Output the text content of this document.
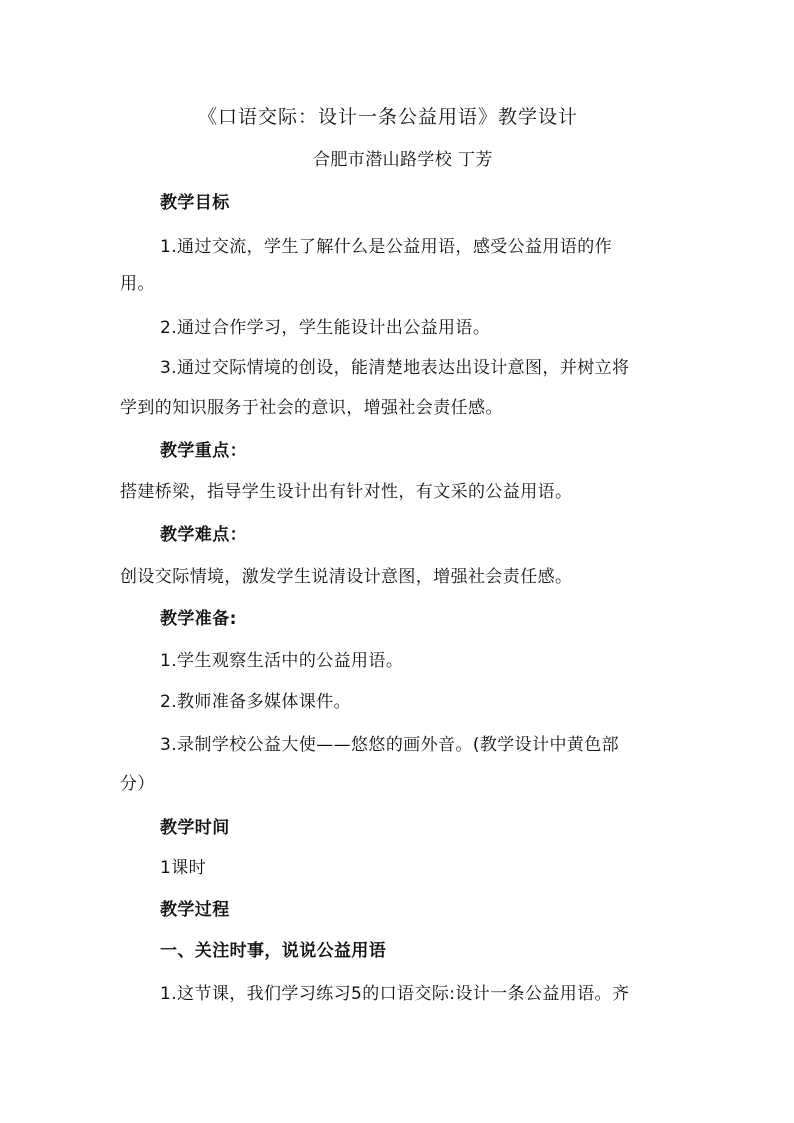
《口语交际：设计一条公益用语》教学设计
合肥市潜山路学校 丁芳
教学目标
1.通过交流，学生了解什么是公益用语，感受公益用语的作
用。
2.通过合作学习，学生能设计出公益用语。
3.通过交际情境的创设，能清楚地表达出设计意图，并树立将
学到的知识服务于社会的意识，增强社会责任感。
教学重点：
搭建桥梁，指导学生设计出有针对性，有文采的公益用语。
教学难点：
创设交际情境，激发学生说清设计意图，增强社会责任感。
教学准备:
1.学生观察生活中的公益用语。
2.教师准备多媒体课件。
3.录制学校公益大使——悠悠的画外音。(教学设计中黄色部
分）
教学时间
1课时
教学过程
一、关注时事，说说公益用语
1.这节课，我们学习练习5的口语交际:设计一条公益用语。齐
